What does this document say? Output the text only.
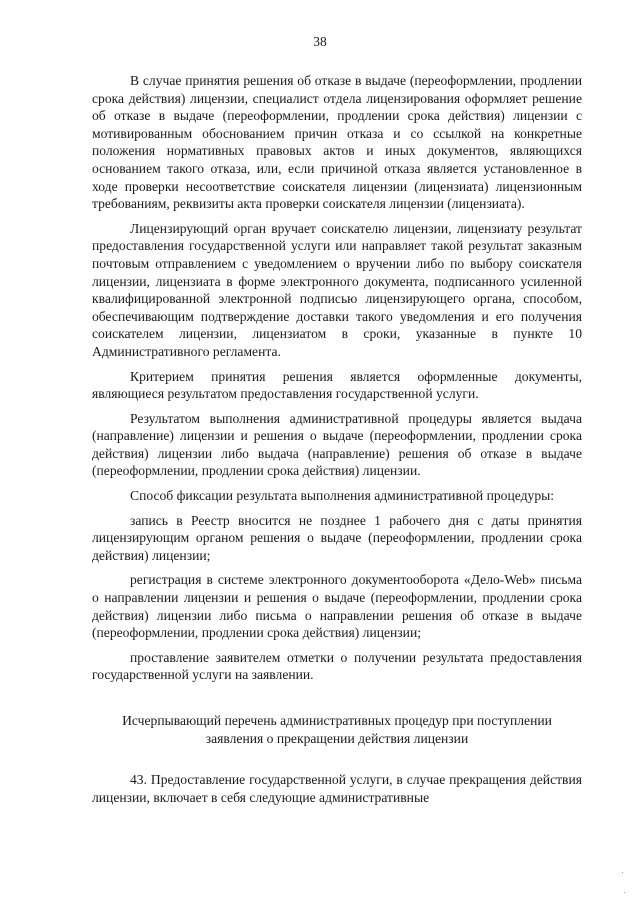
38

В случае принятия решения об отказе в выдаче (переоформлении, продлении срока действия) лицензии, специалист отдела лицензирования оформляет решение об отказе в выдаче (переоформлении, продлении срока действия) лицензии с мотивированным обоснованием причин отказа и со ссылкой на конкретные положения нормативных правовых актов и иных документов, являющихся основанием такого отказа, или, если причиной отказа является установленное в ходе проверки несоответствие соискателя лицензии (лицензиата) лицензионным требованиям, реквизиты акта проверки соискателя лицензии (лицензиата).

Лицензирующий орган вручает соискателю лицензии, лицензиату результат предоставления государственной услуги или направляет такой результат заказным почтовым отправлением с уведомлением о вручении либо по выбору соискателя лицензии, лицензиата в форме электронного документа, подписанного усиленной квалифицированной электронной подписью лицензирующего органа, способом, обеспечивающим подтверждение доставки такого уведомления и его получения соискателем лицензии, лицензиатом в сроки, указанные в пункте 10 Административного регламента.

Критерием принятия решения является оформленные документы, являющиеся результатом предоставления государственной услуги.

Результатом выполнения административной процедуры является выдача (направление) лицензии и решения о выдаче (переоформлении, продлении срока действия) лицензии либо выдача (направление) решения об отказе в выдаче (переоформлении, продлении срока действия) лицензии.

Способ фиксации результата выполнения административной процедуры:

запись в Реестр вносится не позднее 1 рабочего дня с даты принятия лицензирующим органом решения о выдаче (переоформлении, продлении срока действия) лицензии;

регистрация в системе электронного документооборота «Дело-Web» письма о направлении лицензии и решения о выдаче (переоформлении, продлении срока действия) лицензии либо письма о направлении решения об отказе в выдаче (переоформлении, продлении срока действия) лицензии;

проставление заявителем отметки о получении результата предоставления государственной услуги на заявлении.

Исчерпывающий перечень административных процедур при поступлении заявления о прекращении действия лицензии

43. Предоставление государственной услуги, в случае прекращения действия лицензии, включает в себя следующие административные
